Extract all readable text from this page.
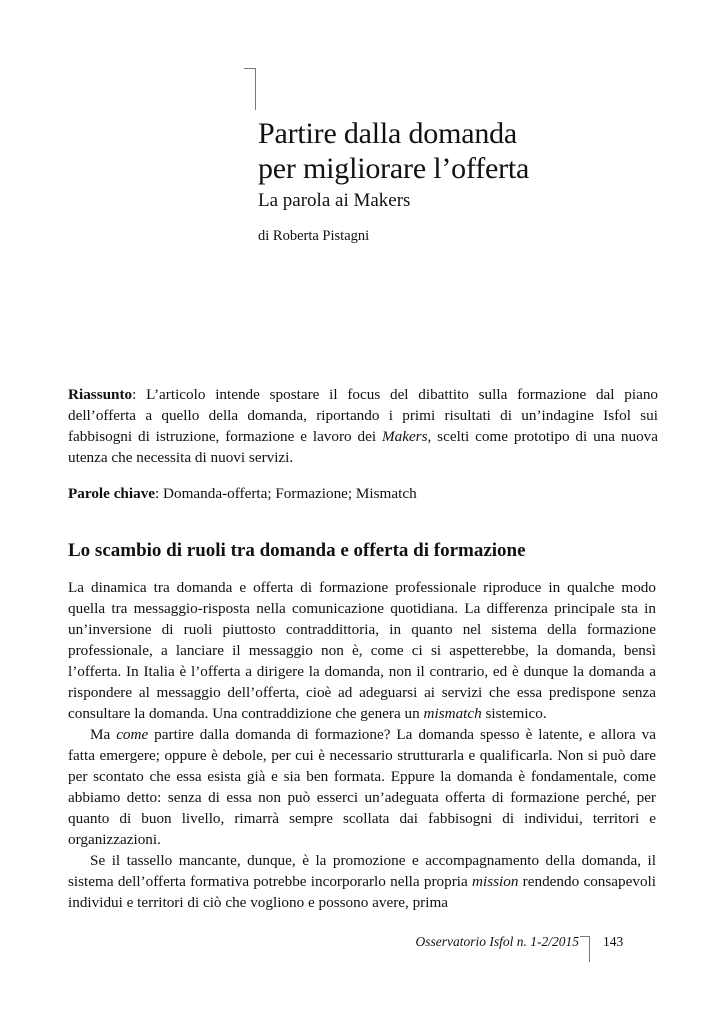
Partire dalla domanda
per migliorare l’offerta
La parola ai Makers
di Roberta Pistagni

Riassunto: L’articolo intende spostare il focus del dibattito sulla formazione dal piano dell’offerta a quello della domanda, riportando i primi risultati di un’indagine Isfol sui fabbisogni di istruzione, formazione e lavoro dei Makers, scelti come prototipo di una nuova utenza che necessita di nuovi servizi.

Parole chiave: Domanda-offerta; Formazione; Mismatch

Lo scambio di ruoli tra domanda e offerta di formazione

La dinamica tra domanda e offerta di formazione professionale riproduce in qualche modo quella tra messaggio-risposta nella comunicazione quotidiana. La differenza principale sta in un’inversione di ruoli piuttosto contraddittoria, in quanto nel sistema della formazione professionale, a lanciare il messaggio non è, come ci si aspetterebbe, la domanda, bensì l’offerta. In Italia è l’offerta a dirigere la domanda, non il contrario, ed è dunque la domanda a rispondere al messaggio dell’offerta, cioè ad adeguarsi ai servizi che essa predispone senza consultare la domanda. Una contraddizione che genera un mismatch sistemico.

Ma come partire dalla domanda di formazione? La domanda spesso è latente, e allora va fatta emergere; oppure è debole, per cui è necessario strutturarla e qualificarla. Non si può dare per scontato che essa esista già e sia ben formata. Eppure la domanda è fondamentale, come abbiamo detto: senza di essa non può esserci un’adeguata offerta di formazione perché, per quanto di buon livello, rimarrà sempre scollata dai fabbisogni di individui, territori e organizzazioni.

Se il tassello mancante, dunque, è la promozione e accompagnamento della domanda, il sistema dell’offerta formativa potrebbe incorporarlo nella propria mission rendendo consapevoli individui e territori di ciò che vogliono e possono avere, prima

Osservatorio Isfol n. 1-2/2015 143
